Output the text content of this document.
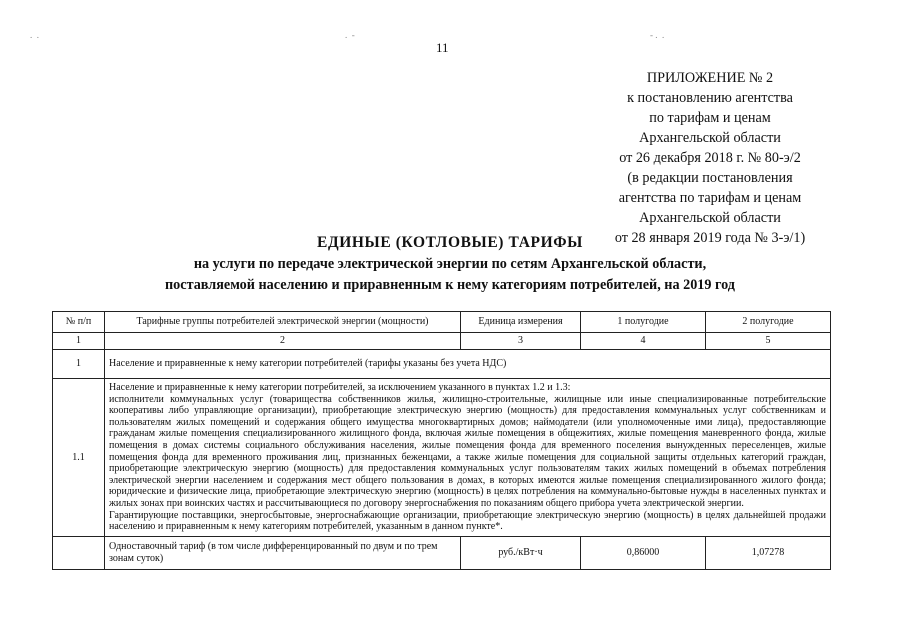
.  .	.  -	- .  .
11
ПРИЛОЖЕНИЕ № 2
к постановлению агентства
по тарифам и ценам
Архангельской области
от 26 декабря 2018 г. № 80-э/2
(в редакции постановления
агентства по тарифам и ценам
Архангельской области
от 28 января 2019 года № 3-э/1)
ЕДИНЫЕ (КОТЛОВЫЕ) ТАРИФЫ
на услуги по передаче электрической энергии по сетям Архангельской области,
поставляемой населению и приравненным к нему категориям потребителей, на 2019 год
№ п/п	Тарифные группы потребителей электрической энергии (мощности)	Единица измерения	1 полугодие	2 полугодие
1	2	3	4	5
1	Население и приравненные к нему категории потребителей (тарифы указаны без учета НДС)			
1.1	Население и приравненные к нему категории потребителей, за исключением указанного в пунктах 1.2 и 1.3:
исполнители коммунальных услуг (товарищества собственников жилья, жилищно-строительные, жилищные или иные специализированные потребительские кооперативы либо управляющие организации), приобретающие электрическую энергию (мощность) для предоставления коммунальных услуг собственникам и пользователям жилых помещений и содержания общего имущества многоквартирных домов; наймодатели (или уполномоченные ими лица), предоставляющие гражданам жилые помещения специализированного жилищного фонда, включая жилые помещения в общежитиях, жилые помещения маневренного фонда, жилые помещения в домах системы социального обслуживания населения, жилые помещения фонда для временного поселения вынужденных переселенцев, жилые помещения фонда для временного проживания лиц, признанных беженцами, а также жилые помещения для социальной защиты отдельных категорий граждан, приобретающие электрическую энергию (мощность) для предоставления коммунальных услуг пользователям таких жилых помещений в объемах потребления электрической энергии населением и содержания мест общего пользования в домах, в которых имеются жилые помещения специализированного жилого фонда; юридические и физические лица, приобретающие электрическую энергию (мощность) в целях потребления на коммунально-бытовые нужды в населенных пунктах и жилых зонах при воинских частях и рассчитывающиеся по договору энергоснабжения по показаниям общего прибора учета электрической энергии.
Гарантирующие поставщики, энергосбытовые, энергоснабжающие организации, приобретающие электрическую энергию (мощность) в целях дальнейшей продажи населению и приравненным к нему категориям потребителей, указанным в данном пункте*.			

	Одноставочный тариф (в том числе дифференцированный по двум и по трем зонам суток)	руб./кВт·ч	0,86000	1,07278
